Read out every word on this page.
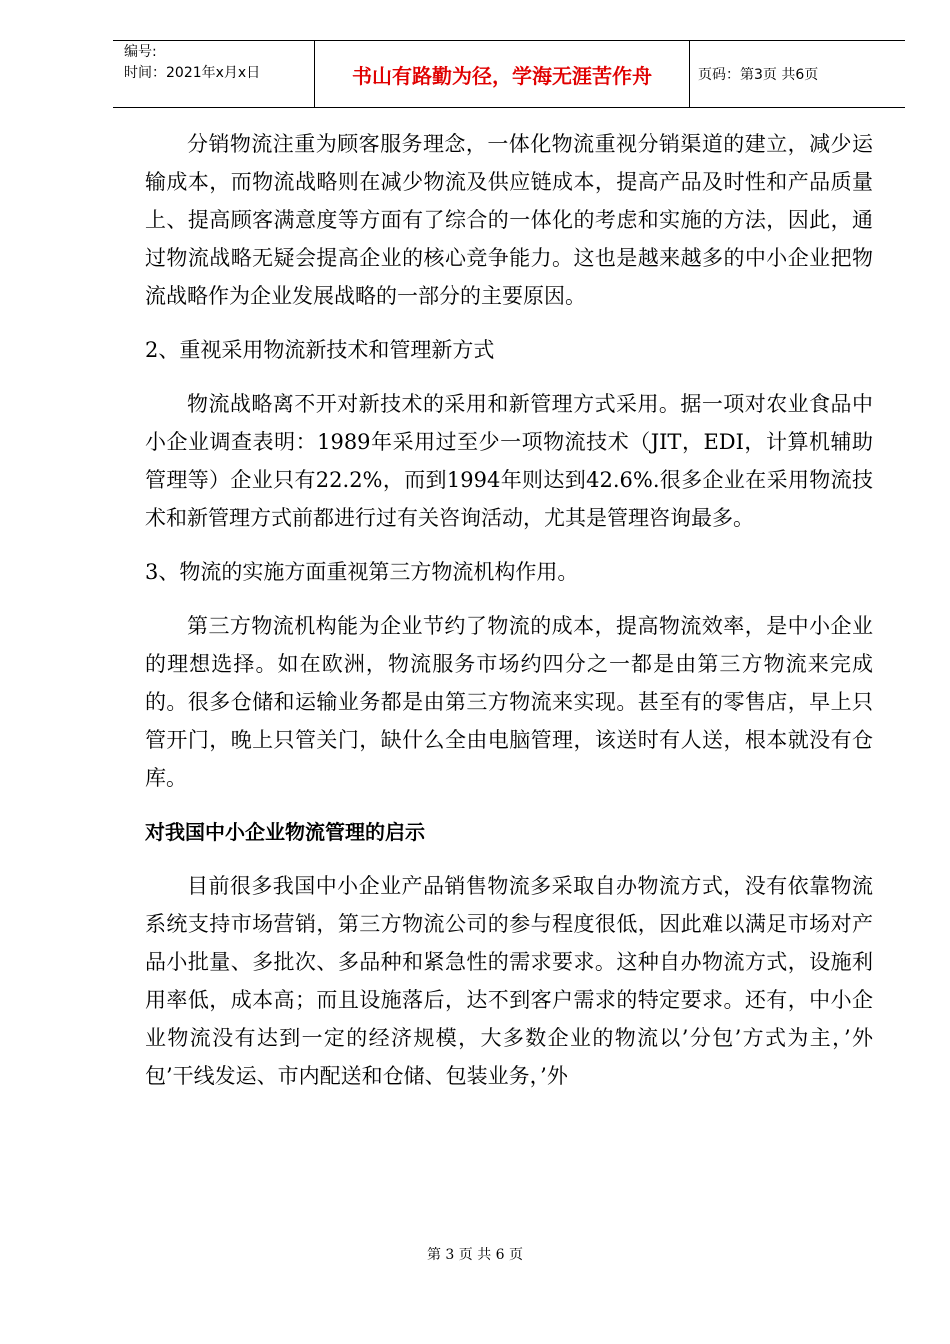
编号:
时间：2021年x月x日	书山有路勤为径，学海无涯苦作舟	页码：第3页 共6页

分销物流注重为顾客服务理念，一体化物流重视分销渠道的建立，减少运输成本，而物流战略则在减少物流及供应链成本，提高产品及时性和产品质量上、提高顾客满意度等方面有了综合的一体化的考虑和实施的方法，因此，通过物流战略无疑会提高企业的核心竞争能力。这也是越来越多的中小企业把物流战略作为企业发展战略的一部分的主要原因。

2、重视采用物流新技术和管理新方式

物流战略离不开对新技术的采用和新管理方式采用。据一项对农业食品中小企业调查表明：1989年采用过至少一项物流技术（JIT，EDI，计算机辅助管理等）企业只有22.2%，而到1994年则达到42.6%.很多企业在采用物流技术和新管理方式前都进行过有关咨询活动，尤其是管理咨询最多。

3、物流的实施方面重视第三方物流机构作用。

第三方物流机构能为企业节约了物流的成本，提高物流效率，是中小企业的理想选择。如在欧洲，物流服务市场约四分之一都是由第三方物流来完成的。很多仓储和运输业务都是由第三方物流来实现。甚至有的零售店，早上只管开门，晚上只管关门，缺什么全由电脑管理，该送时有人送，根本就没有仓库。

对我国中小企业物流管理的启示

目前很多我国中小企业产品销售物流多采取自办物流方式，没有依靠物流系统支持市场营销，第三方物流公司的参与程度很低，因此难以满足市场对产品小批量、多批次、多品种和紧急性的需求要求。这种自办物流方式，设施利用率低，成本高；而且设施落后，达不到客户需求的特定要求。还有，中小企业物流没有达到一定的经济规模，大多数企业的物流以’分包’方式为主，’外包’干线发运、市内配送和仓储、包装业务，’外

第 3 页 共 6 页
